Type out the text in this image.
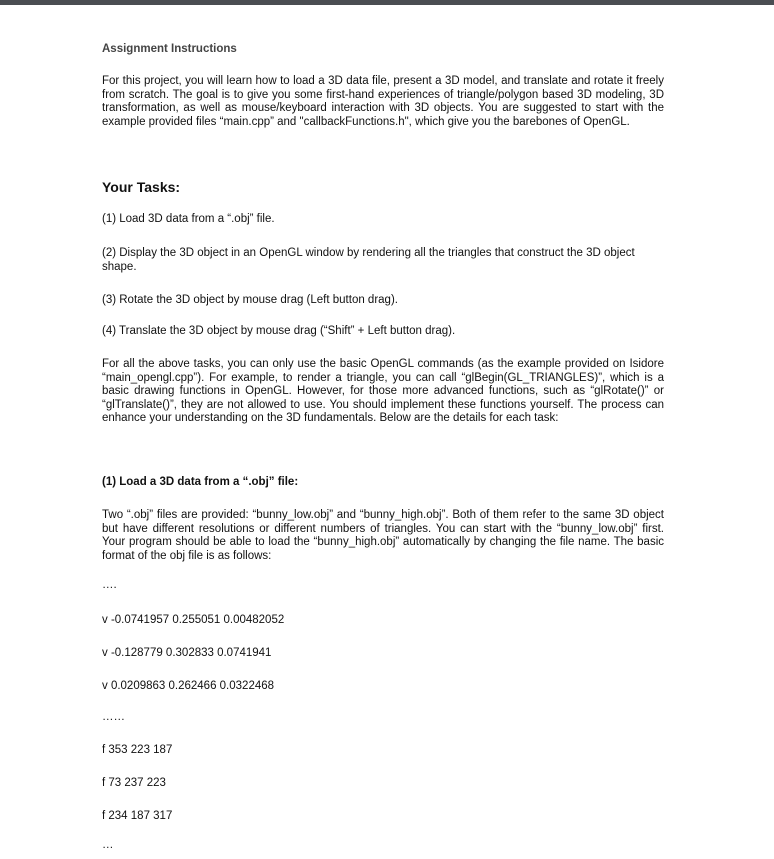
Assignment Instructions

For this project, you will learn how to load a 3D data file, present a 3D model, and translate and rotate it freely from scratch. The goal is to give you some first-hand experiences of triangle/polygon based 3D modeling, 3D transformation, as well as mouse/keyboard interaction with 3D objects. You are suggested to start with the example provided files “main.cpp” and "callbackFunctions.h", which give you the barebones of OpenGL.

Your Tasks:

(1) Load 3D data from a “.obj” file.

(2) Display the 3D object in an OpenGL window by rendering all the triangles that construct the 3D object shape.

(3) Rotate the 3D object by mouse drag (Left button drag).

(4) Translate the 3D object by mouse drag (“Shift” + Left button drag).

For all the above tasks, you can only use the basic OpenGL commands (as the example provided on Isidore “main_opengl.cpp”). For example, to render a triangle, you can call “glBegin(GL_TRIANGLES)”, which is a basic drawing functions in OpenGL. However, for those more advanced functions, such as “glRotate()” or “glTranslate()”, they are not allowed to use. You should implement these functions yourself. The process can enhance your understanding on the 3D fundamentals. Below are the details for each task:

(1) Load a 3D data from a “.obj” file:

Two “.obj” files are provided: “bunny_low.obj” and “bunny_high.obj”. Both of them refer to the same 3D object but have different resolutions or different numbers of triangles. You can start with the “bunny_low.obj” first. Your program should be able to load the “bunny_high.obj” automatically by changing the file name. The basic format of the obj file is as follows:

….
v -0.0741957 0.255051 0.00482052
v -0.128779 0.302833 0.0741941
v 0.0209863 0.262466 0.0322468
……
f 353 223 187
f 73 237 223
f 234 187 317
…
